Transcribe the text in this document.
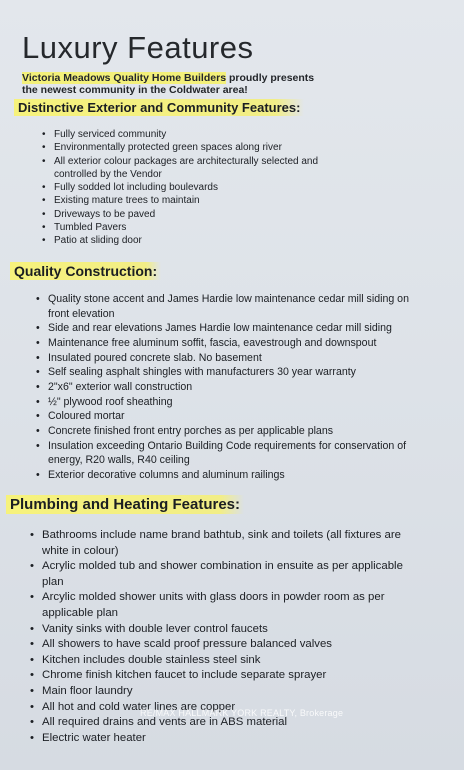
Luxury Features
Victoria Meadows Quality Home Builders proudly presents
the newest community in the Coldwater area!
Distinctive Exterior and Community Features:
• Fully serviced community
• Environmentally protected green spaces along river
• All exterior colour packages are architecturally selected and controlled by the Vendor
• Fully sodded lot including boulevards
• Existing mature trees to maintain
• Driveways to be paved
• Tumbled Pavers
• Patio at sliding door
Quality Construction:
• Quality stone accent and James Hardie low maintenance cedar mill siding on front elevation
• Side and rear elevations James Hardie low maintenance cedar mill siding
• Maintenance free aluminum soffit, fascia, eavestrough and downspout
• Insulated poured concrete slab. No basement
• Self sealing asphalt shingles with manufacturers 30 year warranty
• 2"x6" exterior wall construction
• ½" plywood roof sheathing
• Coloured mortar
• Concrete finished front entry porches as per applicable plans
• Insulation exceeding Ontario Building Code requirements for conservation of energy, R20 walls, R40 ceiling
• Exterior decorative columns and aluminum railings
Plumbing and Heating Features:
• Bathrooms include name brand bathtub, sink and toilets (all fixtures are white in colour)
• Acrylic molded tub and shower combination in ensuite as per applicable plan
• Arcylic molded shower units with glass doors in powder room as per applicable plan
• Vanity sinks with double lever control faucets
• All showers to have scald proof pressure balanced valves
• Kitchen includes double stainless steel sink
• Chrome finish kitchen faucet to include separate sprayer
• Main floor laundry
• All hot and cold water lines are copper
• All required drains and vents are in ABS material
• Electric water heater
RE/MAX HALLMARK YORK REALTY, Brokerage
